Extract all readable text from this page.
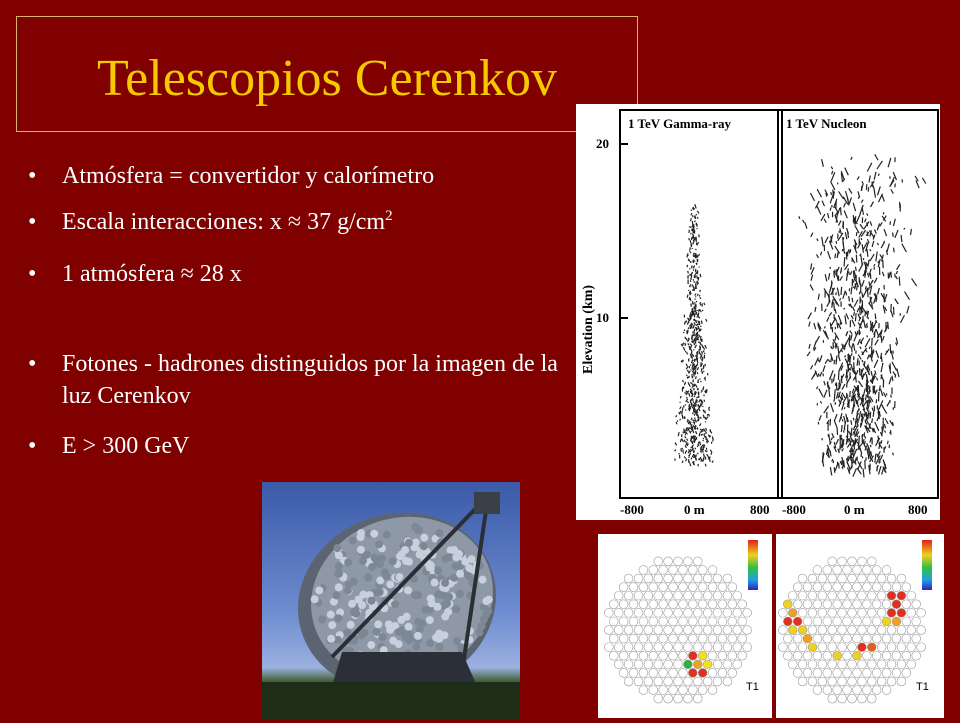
Telescopios Cerenkov
•	Atmósfera = convertidor y calorímetro
•	Escala interacciones: x ≈ 37 $g/cm^2$
•	1 atmósfera ≈ 28 x
•	Fotones - hadrones distinguidos por la imagen de la luz Cerenkov
•	E > 300 GeV
1 TeV Gamma-ray	1 TeV Nucleon
20
10
Elevation (km)
-800	0 m	800 -800	0 m	800
T1	T1
